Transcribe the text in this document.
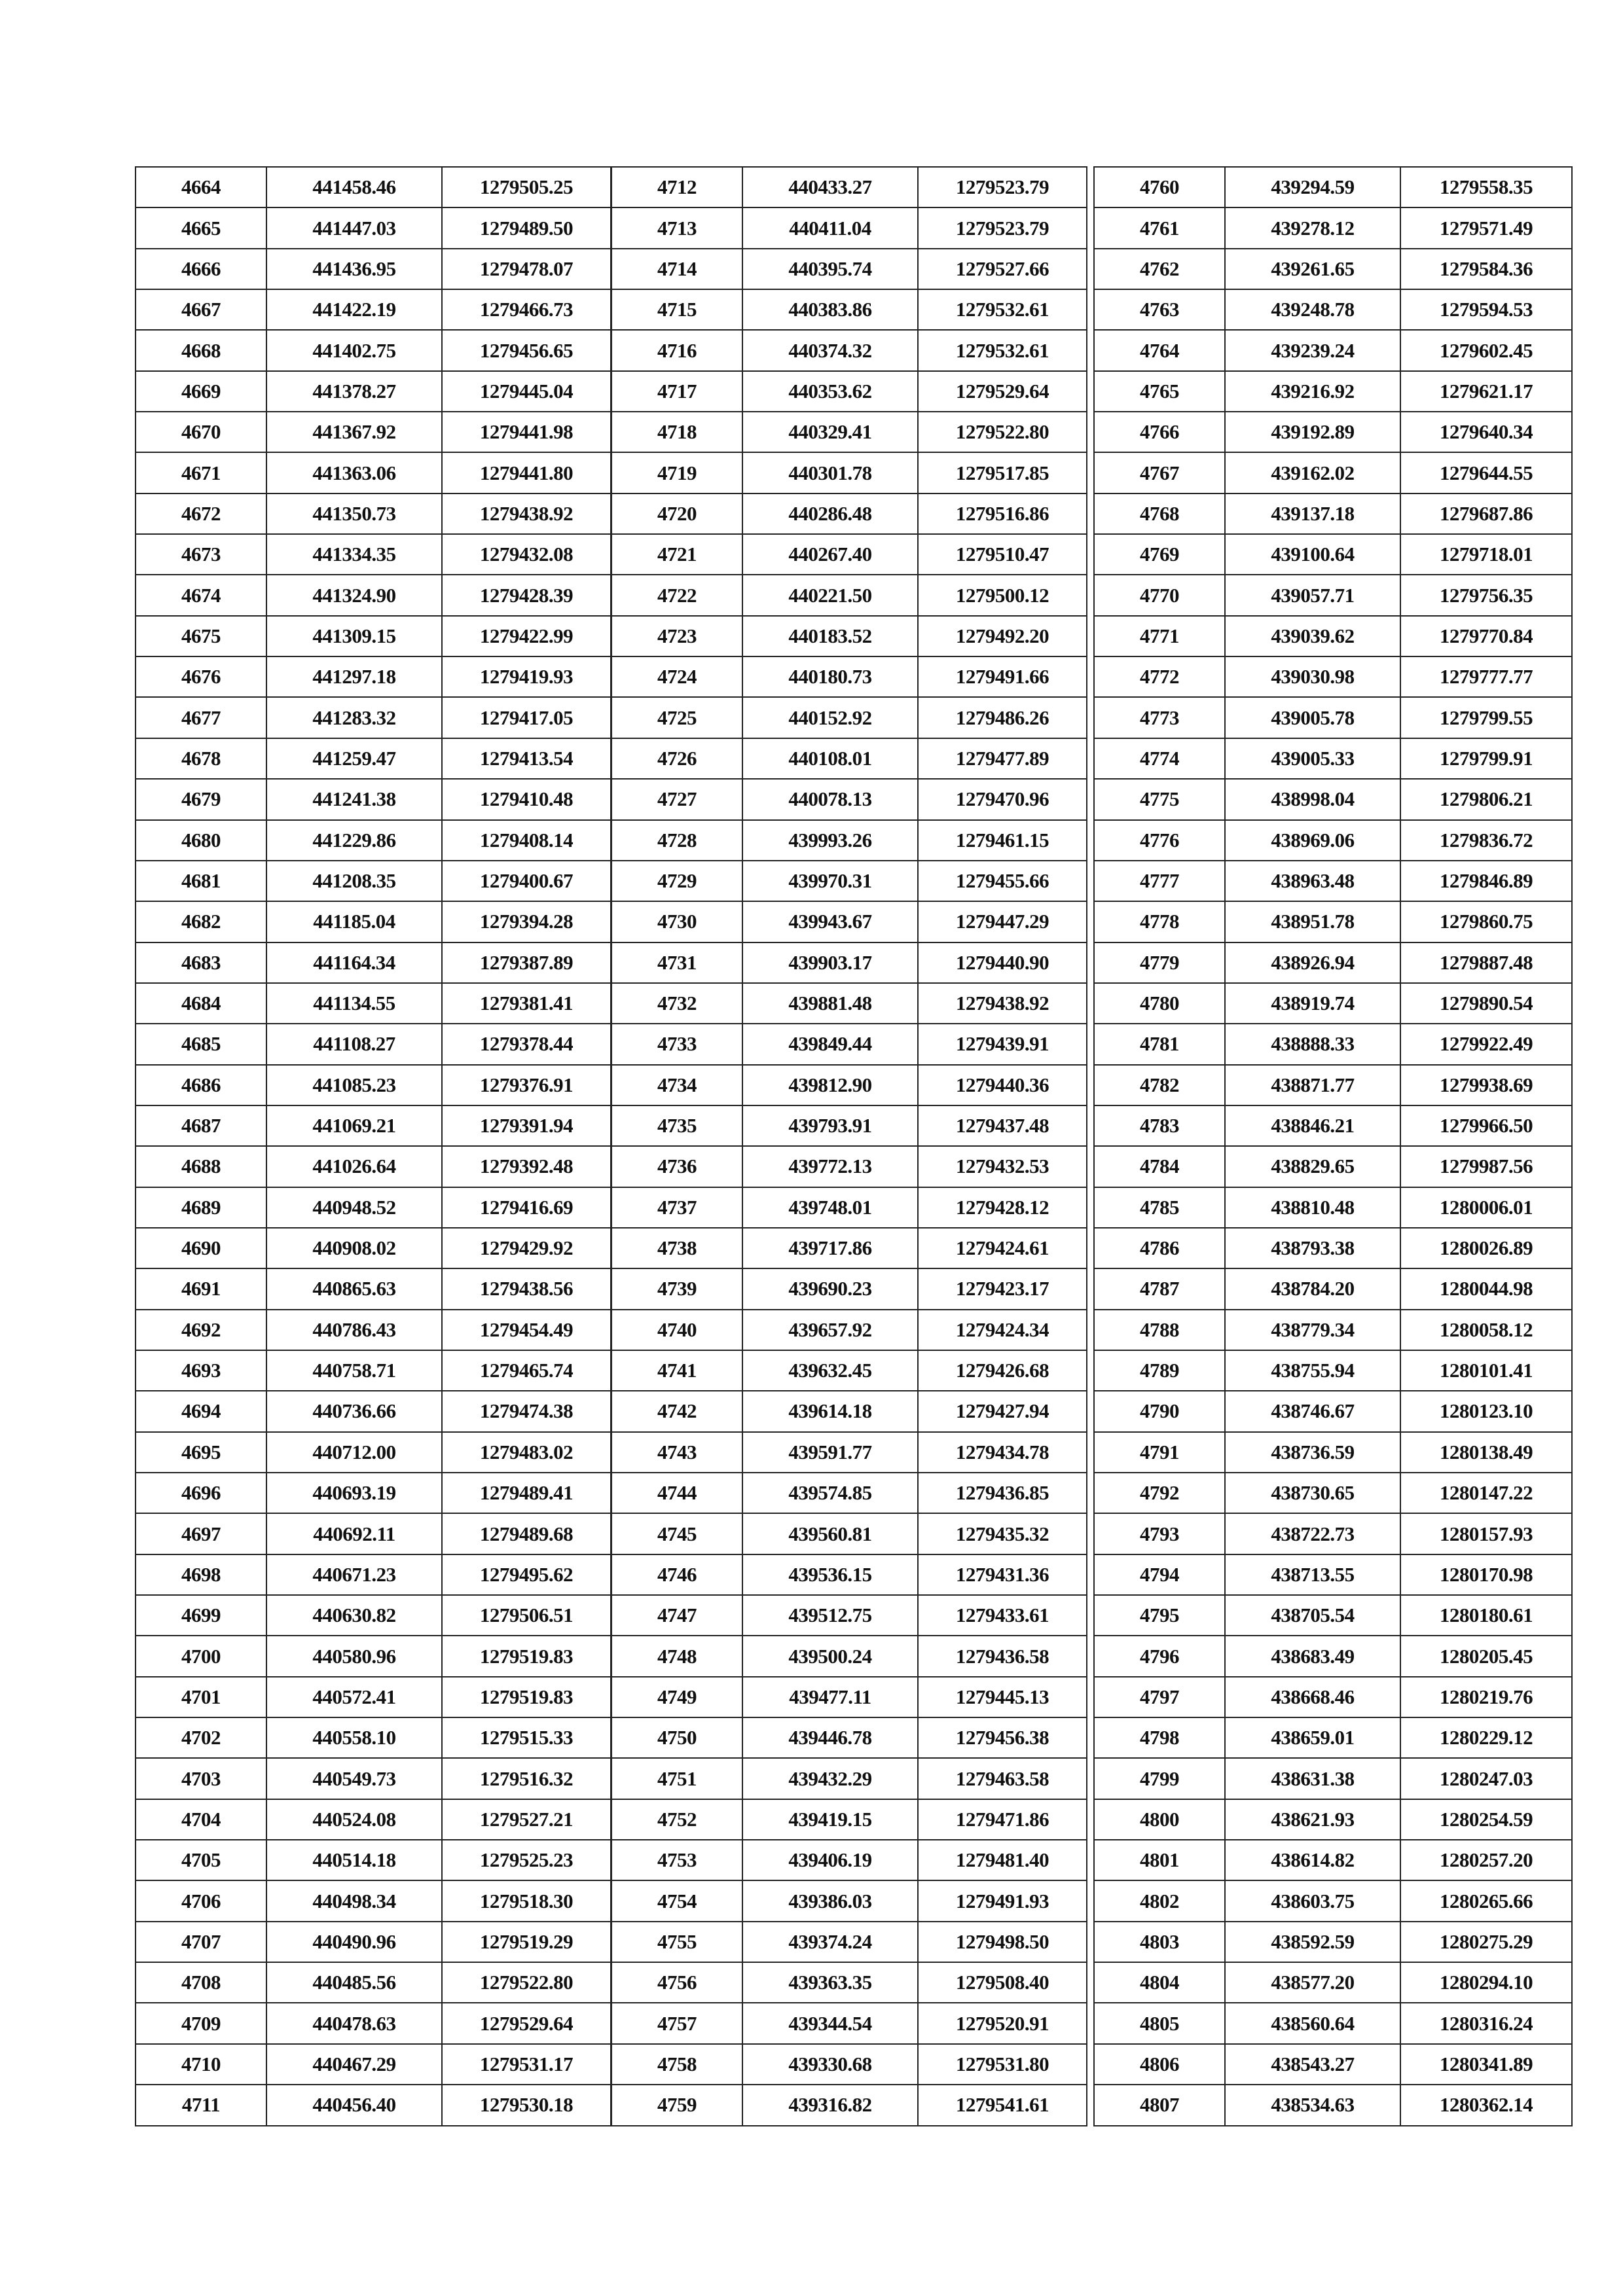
4664	441458.46	1279505.25
4665	441447.03	1279489.50
4666	441436.95	1279478.07
4667	441422.19	1279466.73
4668	441402.75	1279456.65
4669	441378.27	1279445.04
4670	441367.92	1279441.98
4671	441363.06	1279441.80
4672	441350.73	1279438.92
4673	441334.35	1279432.08
4674	441324.90	1279428.39
4675	441309.15	1279422.99
4676	441297.18	1279419.93
4677	441283.32	1279417.05
4678	441259.47	1279413.54
4679	441241.38	1279410.48
4680	441229.86	1279408.14
4681	441208.35	1279400.67
4682	441185.04	1279394.28
4683	441164.34	1279387.89
4684	441134.55	1279381.41
4685	441108.27	1279378.44
4686	441085.23	1279376.91
4687	441069.21	1279391.94
4688	441026.64	1279392.48
4689	440948.52	1279416.69
4690	440908.02	1279429.92
4691	440865.63	1279438.56
4692	440786.43	1279454.49
4693	440758.71	1279465.74
4694	440736.66	1279474.38
4695	440712.00	1279483.02
4696	440693.19	1279489.41
4697	440692.11	1279489.68
4698	440671.23	1279495.62
4699	440630.82	1279506.51
4700	440580.96	1279519.83
4701	440572.41	1279519.83
4702	440558.10	1279515.33
4703	440549.73	1279516.32
4704	440524.08	1279527.21
4705	440514.18	1279525.23
4706	440498.34	1279518.30
4707	440490.96	1279519.29
4708	440485.56	1279522.80
4709	440478.63	1279529.64
4710	440467.29	1279531.17
4711	440456.40	1279530.18
4712	440433.27	1279523.79
4713	440411.04	1279523.79
4714	440395.74	1279527.66
4715	440383.86	1279532.61
4716	440374.32	1279532.61
4717	440353.62	1279529.64
4718	440329.41	1279522.80
4719	440301.78	1279517.85
4720	440286.48	1279516.86
4721	440267.40	1279510.47
4722	440221.50	1279500.12
4723	440183.52	1279492.20
4724	440180.73	1279491.66
4725	440152.92	1279486.26
4726	440108.01	1279477.89
4727	440078.13	1279470.96
4728	439993.26	1279461.15
4729	439970.31	1279455.66
4730	439943.67	1279447.29
4731	439903.17	1279440.90
4732	439881.48	1279438.92
4733	439849.44	1279439.91
4734	439812.90	1279440.36
4735	439793.91	1279437.48
4736	439772.13	1279432.53
4737	439748.01	1279428.12
4738	439717.86	1279424.61
4739	439690.23	1279423.17
4740	439657.92	1279424.34
4741	439632.45	1279426.68
4742	439614.18	1279427.94
4743	439591.77	1279434.78
4744	439574.85	1279436.85
4745	439560.81	1279435.32
4746	439536.15	1279431.36
4747	439512.75	1279433.61
4748	439500.24	1279436.58
4749	439477.11	1279445.13
4750	439446.78	1279456.38
4751	439432.29	1279463.58
4752	439419.15	1279471.86
4753	439406.19	1279481.40
4754	439386.03	1279491.93
4755	439374.24	1279498.50
4756	439363.35	1279508.40
4757	439344.54	1279520.91
4758	439330.68	1279531.80
4759	439316.82	1279541.61
4760	439294.59	1279558.35
4761	439278.12	1279571.49
4762	439261.65	1279584.36
4763	439248.78	1279594.53
4764	439239.24	1279602.45
4765	439216.92	1279621.17
4766	439192.89	1279640.34
4767	439162.02	1279644.55
4768	439137.18	1279687.86
4769	439100.64	1279718.01
4770	439057.71	1279756.35
4771	439039.62	1279770.84
4772	439030.98	1279777.77
4773	439005.78	1279799.55
4774	439005.33	1279799.91
4775	438998.04	1279806.21
4776	438969.06	1279836.72
4777	438963.48	1279846.89
4778	438951.78	1279860.75
4779	438926.94	1279887.48
4780	438919.74	1279890.54
4781	438888.33	1279922.49
4782	438871.77	1279938.69
4783	438846.21	1279966.50
4784	438829.65	1279987.56
4785	438810.48	1280006.01
4786	438793.38	1280026.89
4787	438784.20	1280044.98
4788	438779.34	1280058.12
4789	438755.94	1280101.41
4790	438746.67	1280123.10
4791	438736.59	1280138.49
4792	438730.65	1280147.22
4793	438722.73	1280157.93
4794	438713.55	1280170.98
4795	438705.54	1280180.61
4796	438683.49	1280205.45
4797	438668.46	1280219.76
4798	438659.01	1280229.12
4799	438631.38	1280247.03
4800	438621.93	1280254.59
4801	438614.82	1280257.20
4802	438603.75	1280265.66
4803	438592.59	1280275.29
4804	438577.20	1280294.10
4805	438560.64	1280316.24
4806	438543.27	1280341.89
4807	438534.63	1280362.14
